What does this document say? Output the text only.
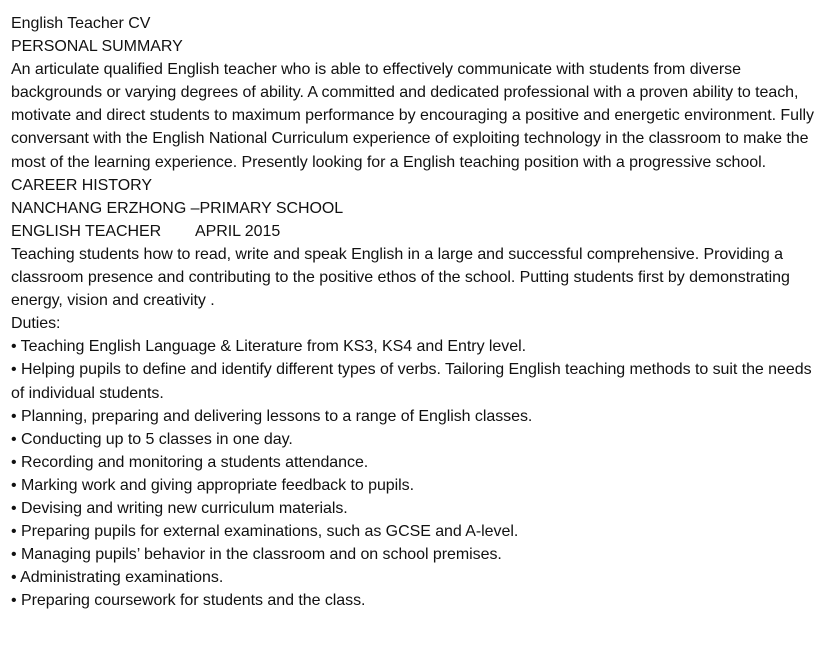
English Teacher CV

PERSONAL SUMMARY

An articulate qualified English teacher who is able to effectively communicate with students from diverse backgrounds or varying degrees of ability. A committed and dedicated professional with a proven ability to teach, motivate and direct students to maximum performance by encouraging a positive and energetic environment. Fully conversant with the English National Curriculum experience of exploiting technology in the classroom to make the most of the learning experience. Presently looking for a English teaching position with a progressive school.

CAREER HISTORY

NANCHANG ERZHONG –PRIMARY SCHOOL

ENGLISH TEACHER APRIL 2015

Teaching students how to read, write and speak English in a large and successful comprehensive. Providing a classroom presence and contributing to the positive ethos of the school. Putting students first by demonstrating energy, vision and creativity .

Duties:

• Teaching English Language & Literature from KS3, KS4 and Entry level.
• Helping pupils to define and identify different types of verbs. Tailoring English teaching methods to suit the needs of individual students.
• Planning, preparing and delivering lessons to a range of English classes.
• Conducting up to 5 classes in one day.
• Recording and monitoring a students attendance.
• Marking work and giving appropriate feedback to pupils.
• Devising and writing new curriculum materials.
• Preparing pupils for external examinations, such as GCSE and A-level.
• Managing pupils’ behavior in the classroom and on school premises.
• Administrating examinations.
• Preparing coursework for students and the class.
